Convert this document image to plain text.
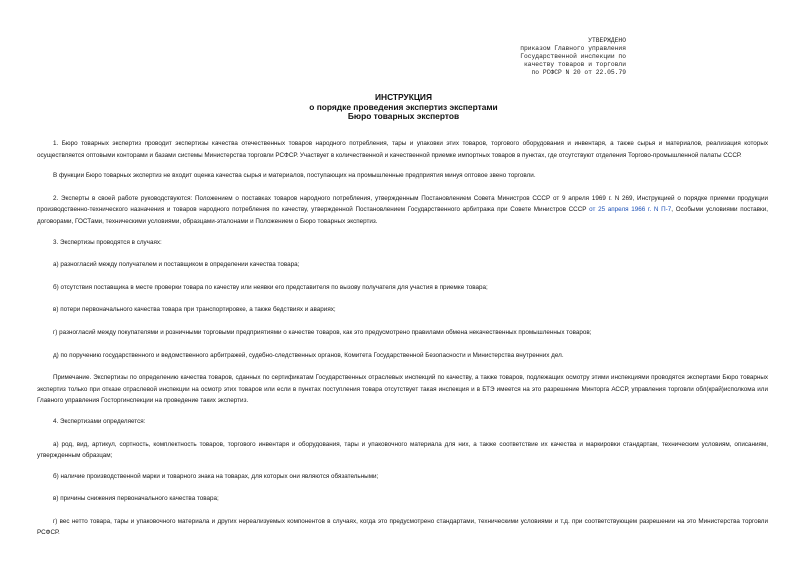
УТВЕРЖДЕНО
приказом Главного управления
Государственной инспекции по
качеству товаров и торговли
по РСФСР N 20 от 22.05.79
ИНСТРУКЦИЯ
о порядке проведения экспертиз экспертами
Бюро товарных экспертов

1. Бюро товарных экспертиз проводит экспертизы качества отечественных товаров народного потребления, тары и упаковки этих товаров, торгового оборудования и инвентаря, а также сырья и материалов, реализация которых осуществляется оптовыми конторами и базами системы Министерства торговли РСФСР. Участвует в количественной и качественной приемке импортных товаров в пунктах, где отсутствуют отделения Торгово-промышленной палаты СССР.

В функции Бюро товарных экспертиз не входит оценка качества сырья и материалов, поступающих на промышленные предприятия минуя оптовое звено торговли.

2. Эксперты в своей работе руководствуются: Положением о поставках товаров народного потребления, утвержденным Постановлением Совета Министров СССР от 9 апреля 1969 г. N 269, Инструкцией о порядке приемки продукции производственно-технического назначения и товаров народного потребления по качеству, утвержденной Постановлением Государственного арбитража при Совете Министров СССР от 25 апреля 1966 г. N П-7, Особыми условиями поставки, договорами, ГОСТами, техническими условиями, образцами-эталонами и Положением о Бюро товарных экспертиз.

3. Экспертизы проводятся в случаях:

а) разногласий между получателем и поставщиком в определении качества товара;

б) отсутствия поставщика в месте проверки товара по качеству или неявки его представителя по вызову получателя для участия в приемке товара;

в) потери первоначального качества товара при транспортировке, а также бедствиях и авариях;

г) разногласий между покупателями и розничными торговыми предприятиями о качестве товаров, как это предусмотрено правилами обмена некачественных промышленных товаров;

д) по поручению государственного и ведомственного арбитражей, судебно-следственных органов, Комитета Государственной Безопасности и Министерства внутренних дел.

Примечание. Экспертизы по определению качества товаров, сданных по сертификатам Государственных отраслевых инспекций по качеству, а также товаров, подлежащих осмотру этими инспекциями проводятся экспертами Бюро товарных экспертиз только при отказе отраслевой инспекции на осмотр этих товаров или если в пунктах поступления товара отсутствует такая инспекция и в БТЭ имеется на это разрешение Минторга АССР, управления торговли обл(край)исполкома или Главного управления Госторгинспекции на проведение таких экспертиз.

4. Экспертизами определяется:

а) род, вид, артикул, сортность, комплектность товаров, торгового инвентаря и оборудования, тары и упаковочного материала для них, а также соответствие их качества и маркировки стандартам, техническим условиям, описаниям, утвержденным образцам;

б) наличие производственной марки и товарного знака на товарах, для которых они являются обязательными;

в) причины снижения первоначального качества товара;

г) вес нетто товара, тары и упаковочного материала и других нереализуемых компонентов в случаях, когда это предусмотрено стандартами, техническими условиями и т.д. при соответствующем разрешении на это Министерства торговли РСФСР.
